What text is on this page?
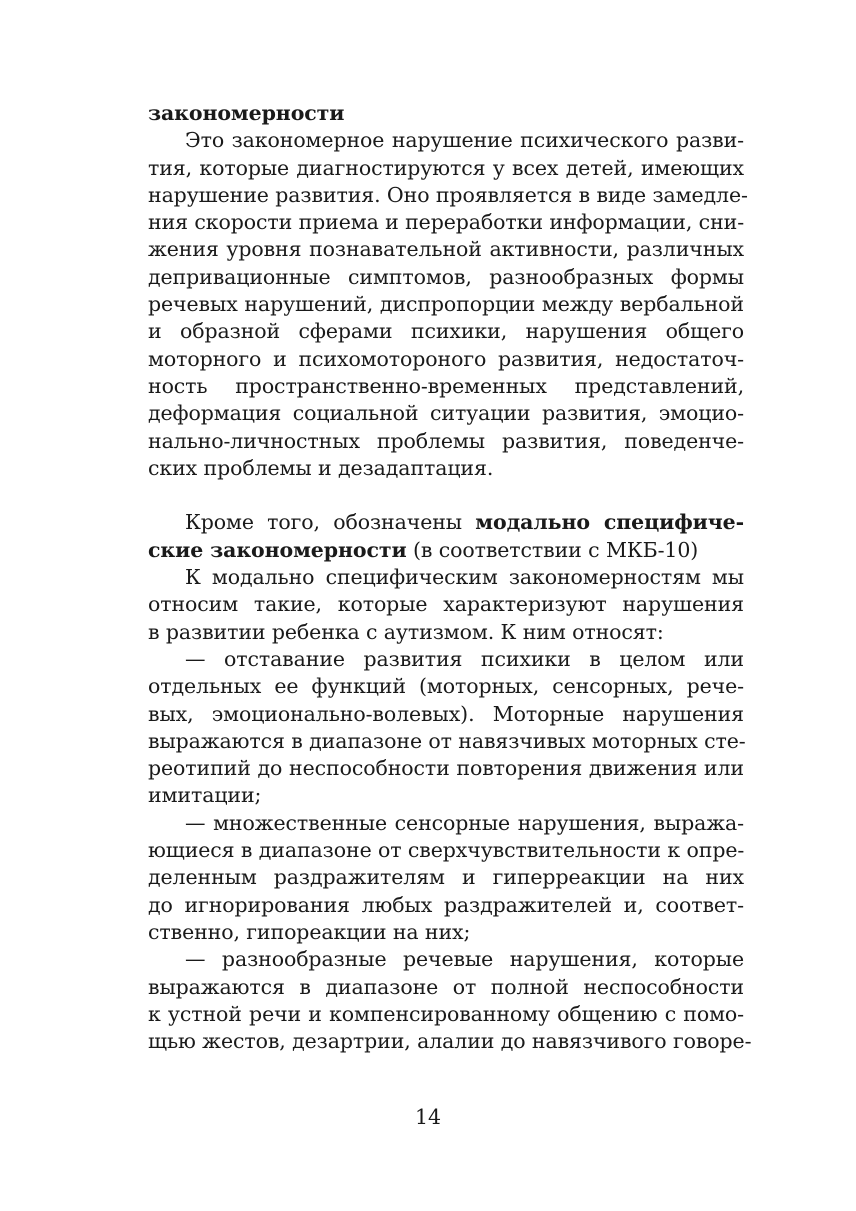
закономерности
Это закономерное нарушение психического разви-
тия, которые диагностируются у всех детей, имеющих
нарушение развития. Оно проявляется в виде замедле-
ния скорости приема и переработки информации, сни-
жения уровня познавательной активности, различных
депривационные симптомов, разнообразных формы
речевых нарушений, диспропорции между вербальной
и образной сферами психики, нарушения общего
моторного и психомотороного развития, недостаточ-
ность пространственно-временных представлений,
деформация социальной ситуации развития, эмоцио-
нально-личностных проблемы развития, поведенче-
ских проблемы и дезадаптация.
Кроме того, обозначены модально специфиче-
ские закономерности (в соответствии с МКБ-10)
К модально специфическим закономерностям мы
относим такие, которые характеризуют нарушения
в развитии ребенка с аутизмом. К ним относят:
— отставание развития психики в целом или
отдельных ее функций (моторных, сенсорных, рече-
вых, эмоционально-волевых). Моторные нарушения
выражаются в диапазоне от навязчивых моторных сте-
реотипий до неспособности повторения движения или
имитации;
— множественные сенсорные нарушения, выража-
ющиеся в диапазоне от сверхчувствительности к опре-
деленным раздражителям и гиперреакции на них
до игнорирования любых раздражителей и, соответ-
ственно, гипореакции на них;
— разнообразные речевые нарушения, которые
выражаются в диапазоне от полной неспособности
к устной речи и компенсированному общению с помо-
щью жестов, дезартрии, алалии до навязчивого говоре-
14
